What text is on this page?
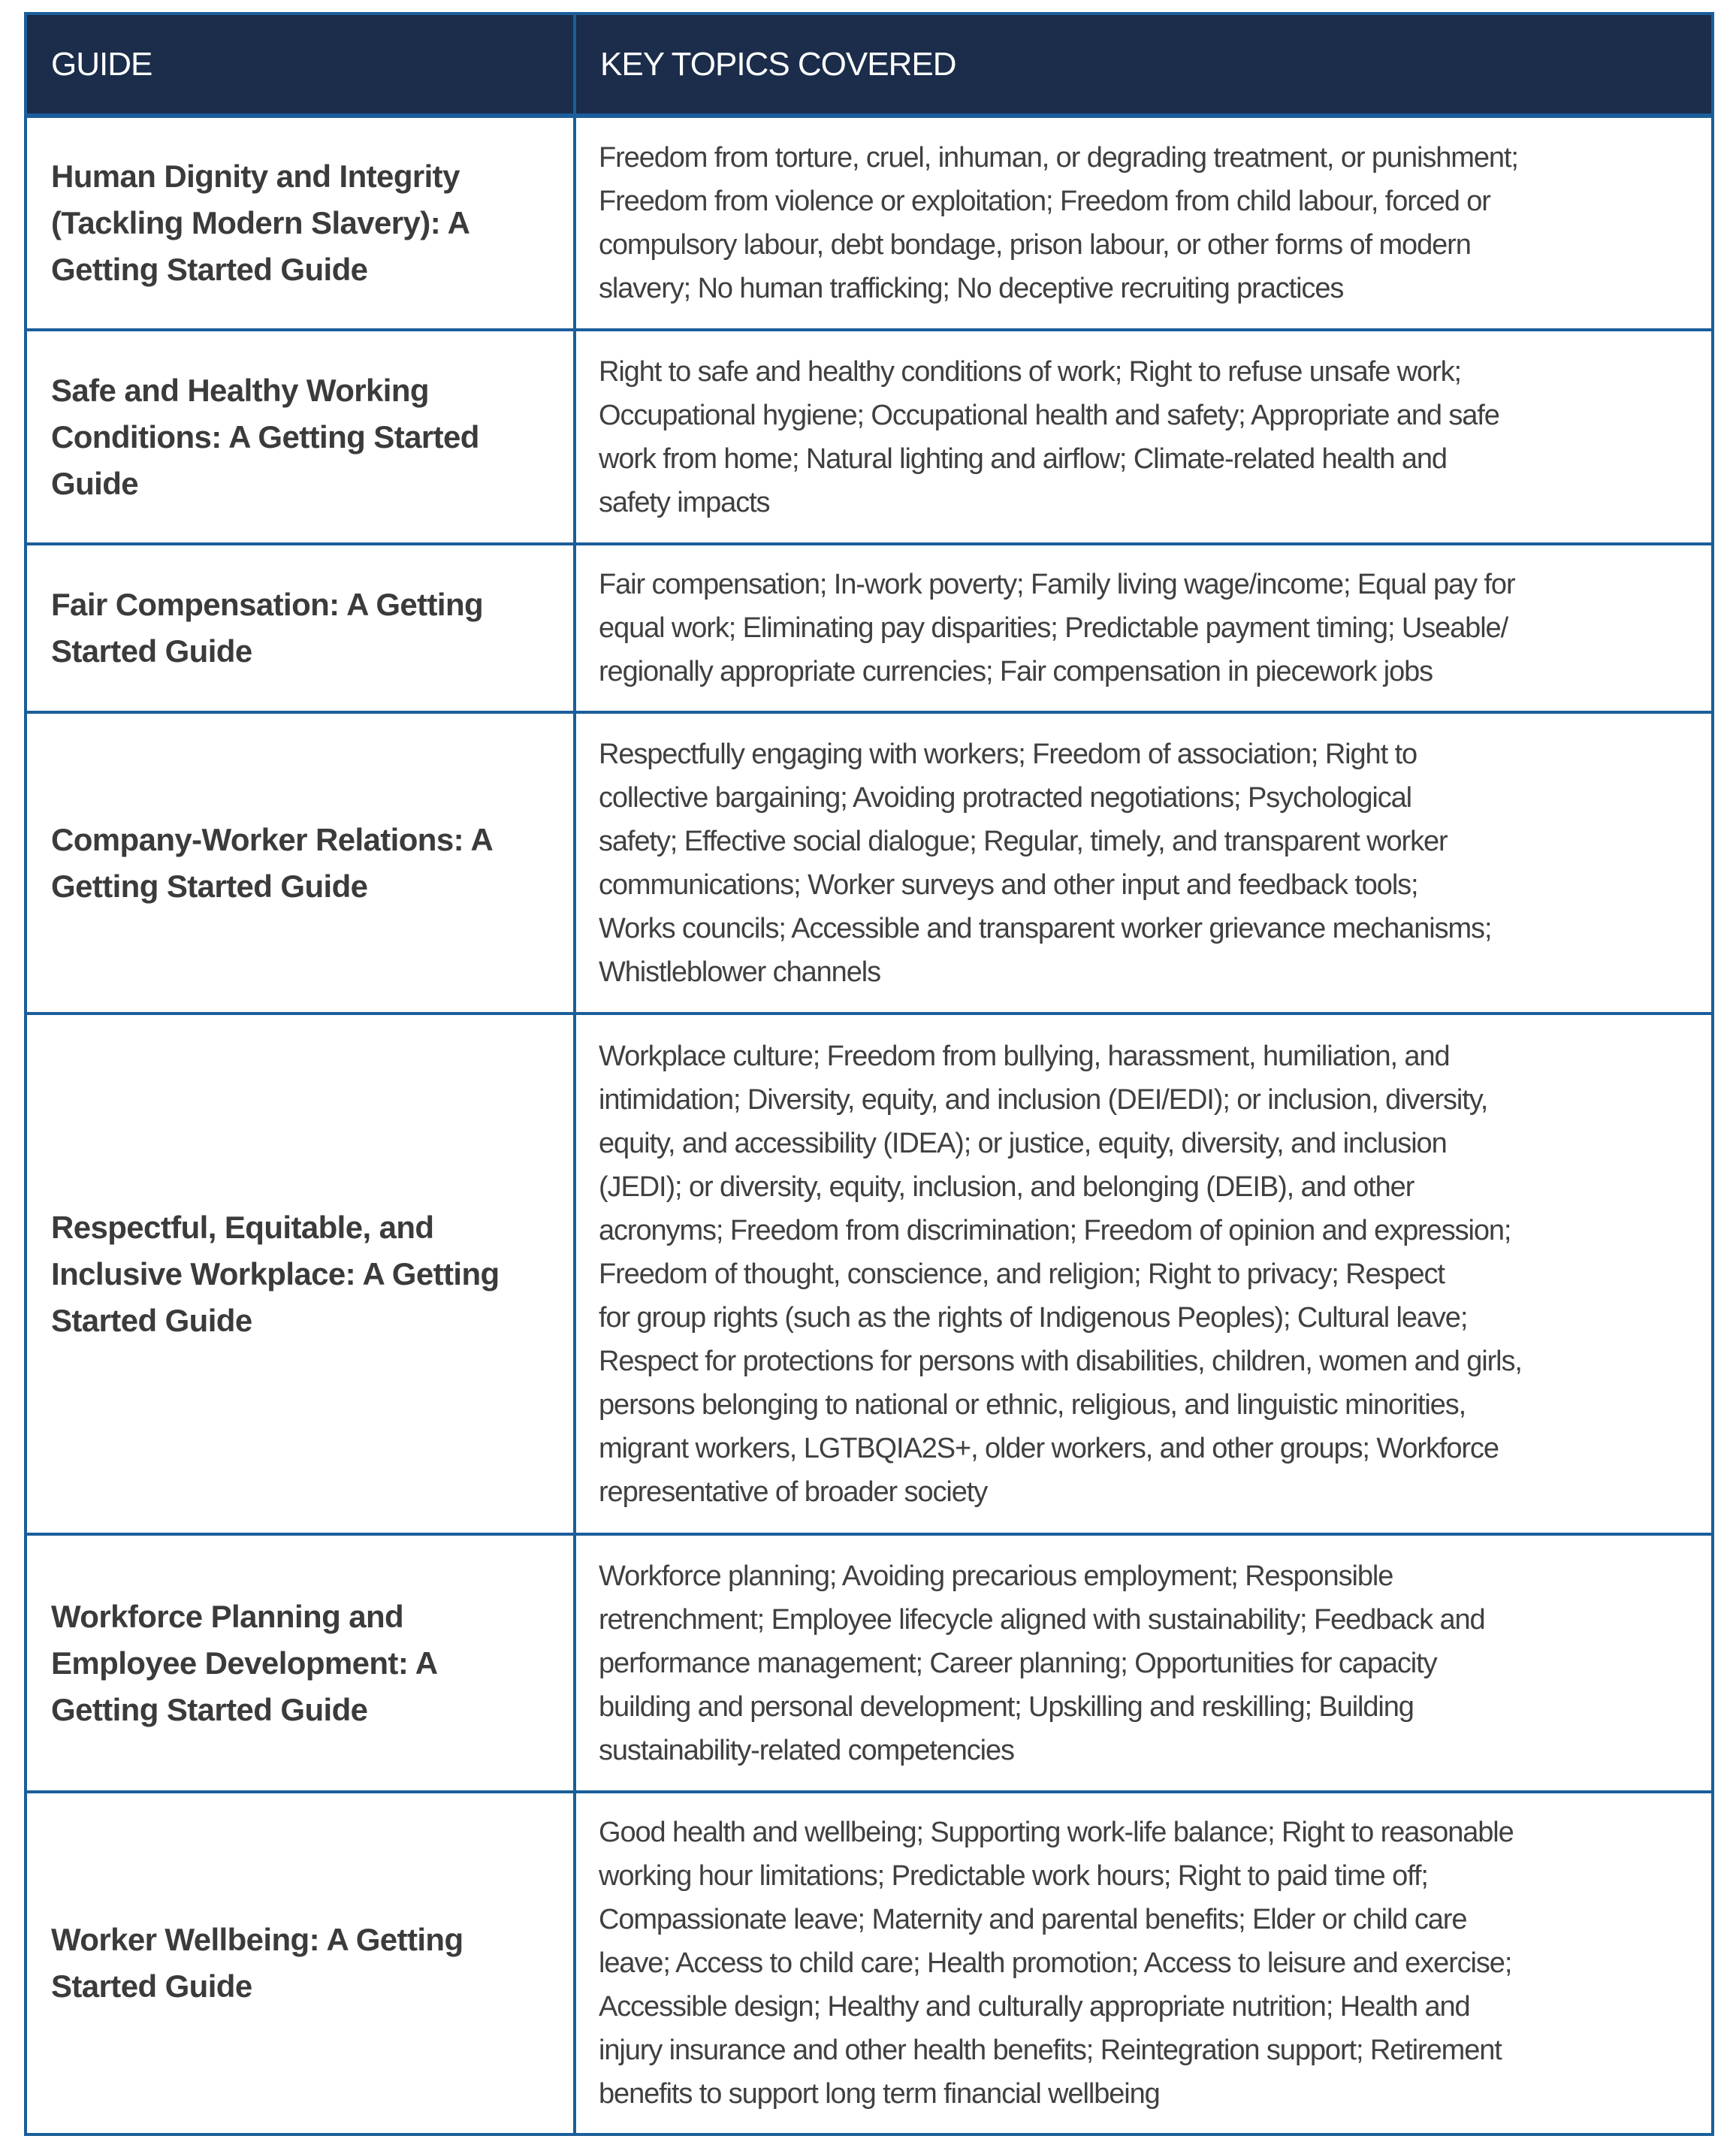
GUIDE	KEY TOPICS COVERED
Human Dignity and Integrity
(Tackling Modern Slavery): A
Getting Started Guide
Freedom from torture, cruel, inhuman, or degrading treatment, or punishment;
Freedom from violence or exploitation; Freedom from child labour, forced or
compulsory labour, debt bondage, prison labour, or other forms of modern
slavery; No human trafficking; No deceptive recruiting practices
Safe and Healthy Working
Conditions: A Getting Started
Guide
Right to safe and healthy conditions of work; Right to refuse unsafe work;
Occupational hygiene; Occupational health and safety; Appropriate and safe
work from home; Natural lighting and airflow; Climate-related health and
safety impacts
Fair Compensation: A Getting
Started Guide
Fair compensation; In-work poverty; Family living wage/income; Equal pay for
equal work; Eliminating pay disparities; Predictable payment timing; Useable/
regionally appropriate currencies; Fair compensation in piecework jobs
Company-Worker Relations: A
Getting Started Guide
Respectfully engaging with workers; Freedom of association; Right to
collective bargaining; Avoiding protracted negotiations; Psychological
safety; Effective social dialogue; Regular, timely, and transparent worker
communications; Worker surveys and other input and feedback tools;
Works councils; Accessible and transparent worker grievance mechanisms;
Whistleblower channels
Respectful, Equitable, and
Inclusive Workplace: A Getting
Started Guide
Workplace culture; Freedom from bullying, harassment, humiliation, and
intimidation; Diversity, equity, and inclusion (DEI/EDI); or inclusion, diversity,
equity, and accessibility (IDEA); or justice, equity, diversity, and inclusion
(JEDI); or diversity, equity, inclusion, and belonging (DEIB), and other
acronyms; Freedom from discrimination; Freedom of opinion and expression;
Freedom of thought, conscience, and religion; Right to privacy; Respect
for group rights (such as the rights of Indigenous Peoples); Cultural leave;
Respect for protections for persons with disabilities, children, women and girls,
persons belonging to national or ethnic, religious, and linguistic minorities,
migrant workers, LGTBQIA2S+, older workers, and other groups; Workforce
representative of broader society
Workforce Planning and
Employee Development: A
Getting Started Guide
Workforce planning; Avoiding precarious employment; Responsible
retrenchment; Employee lifecycle aligned with sustainability; Feedback and
performance management; Career planning; Opportunities for capacity
building and personal development; Upskilling and reskilling; Building
sustainability-related competencies
Worker Wellbeing: A Getting
Started Guide
Good health and wellbeing; Supporting work-life balance; Right to reasonable
working hour limitations; Predictable work hours; Right to paid time off;
Compassionate leave; Maternity and parental benefits; Elder or child care
leave; Access to child care; Health promotion; Access to leisure and exercise;
Accessible design; Healthy and culturally appropriate nutrition; Health and
injury insurance and other health benefits; Reintegration support; Retirement
benefits to support long term financial wellbeing
